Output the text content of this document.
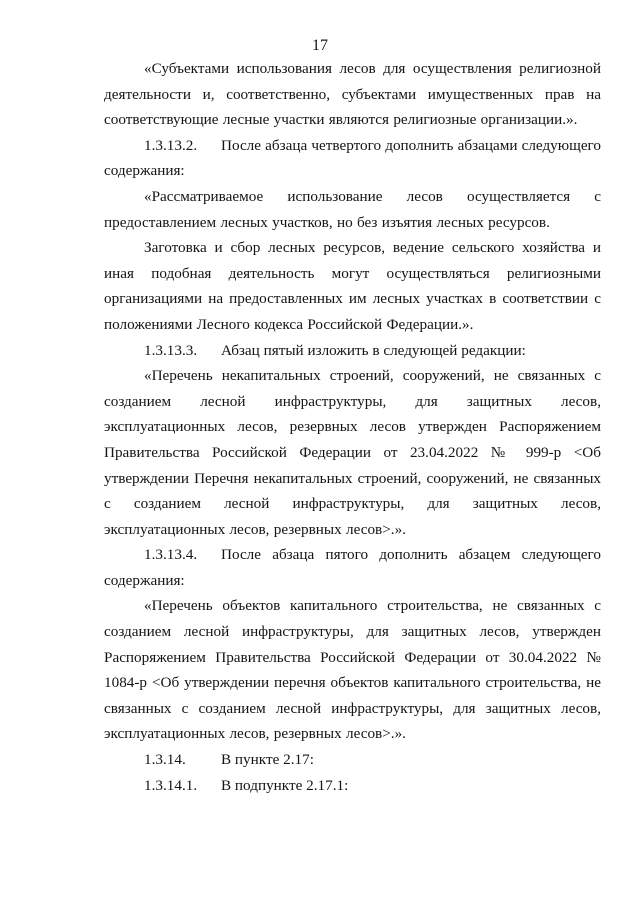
17

«Субъектами использования лесов для осуществления религиозной деятельности и, соответственно, субъектами имущественных прав на соответствующие лесные участки являются религиозные организации.».

1.3.13.2. После абзаца четвертого дополнить абзацами следующего содержания:

«Рассматриваемое использование лесов осуществляется с предоставлением лесных участков, но без изъятия лесных ресурсов.

Заготовка и сбор лесных ресурсов, ведение сельского хозяйства и иная подобная деятельность могут осуществляться религиозными организациями на предоставленных им лесных участках в соответствии с положениями Лесного кодекса Российской Федерации.».

1.3.13.3. Абзац пятый изложить в следующей редакции:

«Перечень некапитальных строений, сооружений, не связанных с созданием лесной инфраструктуры, для защитных лесов, эксплуатационных лесов, резервных лесов утвержден Распоряжением Правительства Российской Федерации от 23.04.2022 № 999-р <Об утверждении Перечня некапитальных строений, сооружений, не связанных с созданием лесной инфраструктуры, для защитных лесов, эксплуатационных лесов, резервных лесов>.».

1.3.13.4. После абзаца пятого дополнить абзацем следующего содержания:

«Перечень объектов капитального строительства, не связанных с созданием лесной инфраструктуры, для защитных лесов, утвержден Распоряжением Правительства Российской Федерации от 30.04.2022 № 1084-р <Об утверждении перечня объектов капитального строительства, не связанных с созданием лесной инфраструктуры, для защитных лесов, эксплуатационных лесов, резервных лесов>.».

1.3.14. В пункте 2.17:

1.3.14.1. В подпункте 2.17.1:
